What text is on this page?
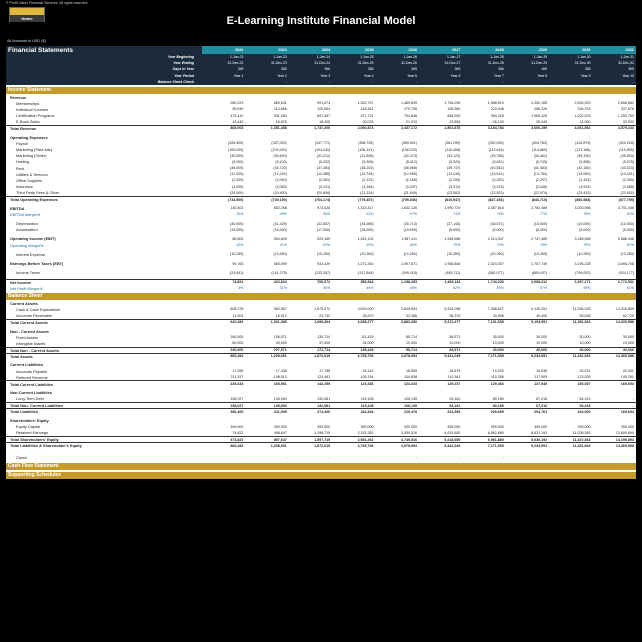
© Profit Vision Financial Services. All rights reserved.
Home	E-Learning Institute Financial Model
All Amounts in USD ($)
Financial Statements	2022	2023	2024	2025	2026	2027	2028	2029	2030	2031
Year Beginning	1-Jan-22	1-Jan-23	1-Jan-24	1-Jan-25	1-Jan-26	1-Jan-27	1-Jan-28	1-Jan-29	1-Jan-30	1-Jan-31
Year Ending	31-Dec-22	31-Dec-23	31-Dec-24	31-Dec-25	31-Dec-26	31-Dec-27	31-Dec-28	31-Dec-29	31-Dec-30	31-Dec-31
Days in Year	365	365	366	365	365	365	366	365	365	365
Year Period	Year 1	Year 2	Year 3	Year 4	Year 5	Year 6	Year 7	Year 8	Year 9	Year 10
Balance Sheet Check	-	-	-	-	-	-	-	-	-	-
Income Statement
Revenue
Memberships	280,223	689,631	991,674	1,252,767	1,489,605	1,736,039	1,988,819	2,252,108	2,533,923	2,856,882
Individual Courses	95,930	113,666	125,654	148,361	170,706	195,380	223,448	256,226	294,376	337,678
Certification Programs	473,410	531,284	597,467	671,721	754,846	846,993	950,418	1,069,425	1,202,203	1,350,753
E-Book Sales	15,440	16,875	18,405	20,025	21,915	23,895	26,100	28,440	31,050	33,930
Total Revenue	865,003	1,351,458	1,737,200	2,092,874	2,437,172	2,801,676	3,184,784	3,606,199	4,061,552	4,579,243
Operating Expenses
Payroll	(326,500)	(337,030)	(347,771)	(358,726)	(369,901)	(381,299)	(392,925)	(404,783)	(416,879)	(429,218)
Marketing (Paid Ads)	(100,000)	(102,000)	(104,040)	(106,121)	(108,243)	(110,408)	(112,616)	(114,869)	(117,166)	(119,509)
Marketing (Other)	(30,000)	(30,600)	(31,212)	(31,836)	(32,473)	(33,122)	(33,785)	(34,461)	(35,150)	(35,853)
Hosting	(5,000)	(5,100)	(5,202)	(5,306)	(5,412)	(5,520)	(5,631)	(5,743)	(5,858)	(5,975)
Rent	(36,000)	(36,720)	(37,454)	(38,203)	(38,968)	(39,747)	(40,542)	(41,353)	(42,180)	(43,023)
Utilities & Telecom	(12,000)	(12,240)	(12,485)	(12,734)	(12,989)	(13,249)	(13,514)	(13,784)	(14,060)	(14,341)
Office Supplies	(2,000)	(2,040)	(2,081)	(2,122)	(2,165)	(2,208)	(2,252)	(2,297)	(2,343)	(2,390)
Insurance	(3,000)	(3,060)	(3,121)	(3,184)	(3,247)	(3,312)	(3,378)	(3,446)	(3,515)	(3,585)
Third Party Fees & Other	(20,000)	(20,400)	(20,808)	(21,224)	(21,649)	(22,082)	(22,523)	(22,974)	(23,433)	(23,902)
Total Operating Expenses	(734,500)	(749,190)	(764,174)	(779,457)	(795,046)	(810,947)	(827,166)	(843,710)	(860,584)	(877,795)
EBITDA	130,503	602,268	973,026	1,313,417	1,642,126	1,990,729	2,357,618	2,762,489	3,200,968	3,701,448
EBITDA Margin%	15%	45%	56%	63%	67%	71%	74%	77%	79%	81%
Depreciation	(30,000)	(31,429)	(32,857)	(34,286)	(35,714)	(37,143)	(38,571)	(10,000)	(10,000)	(10,000)
Amortization	(15,000)	(16,000)	(17,000)	(18,000)	(19,000)	(5,000)	(5,000)	(5,000)	(5,000)	(5,000)
Operating Income (EBIT)	85,503	554,839	923,169	1,261,132	1,587,411	1,948,586	2,314,047	2,747,489	3,185,968	3,686,448
Operating Margin%	10%	41%	53%	60%	65%	70%	73%	76%	78%	81%
Interest Expense	(10,260)	(10,260)	(10,260)	(10,260)	(10,260)	(10,260)	(10,260)	(10,260)	(10,260)	(10,260)
Earnings Before Taxes (EBT)	99,763	565,099	933,429	1,271,392	1,597,671	1,958,846	2,324,307	2,757,749	3,196,228	3,696,708
Income Taxes	(24,941)	(141,275)	(233,357)	(317,848)	(399,418)	(489,711)	(581,077)	(689,437)	(799,057)	(924,177)
Net Income	74,822	423,824	700,072	953,544	1,198,253	1,469,134	1,743,230	2,068,312	2,397,171	2,772,531
Net Profit Margin%	9%	31%	40%	46%	49%	52%	55%	57%	59%	61%
Balance Sheet
Current Assets
Cash & Cash Equivalents	608,378	982,567	1,675,572	2,629,000	3,849,894	5,334,098	7,088,627	9,145,351	11,336,025	14,206,859
Accounts Receivable	11,904	18,513	23,732	28,670	33,386	38,379	43,598	49,400	55,638	62,729
Total Current Assets	620,282	1,001,080	1,699,304	2,658,277	3,883,280	5,372,477	7,131,535	9,194,951	11,391,663	14,329,588
Non - Current Assets
Fixed Assets	180,000	158,571	135,714	111,429	85,714	58,571	30,000	30,000	30,000	30,000
Intangible Assets	60,000	49,000	37,000	24,000	10,000	10,000	10,000	10,000	10,000	10,000
Total Non - Current Assets	240,000	207,571	172,714	135,429	95,714	68,571	40,000	40,000	40,000	40,000
Total Assets	860,282	1,208,651	1,872,019	2,793,706	3,978,994	5,441,049	7,171,535	9,234,951	11,431,663	14,369,588
Current Liabilities
Accounts Payable	17,096	17,438	17,788	18,142	18,505	18,875	19,200	19,636	20,031	20,431
Deferred Revenue	211,337	148,513	124,461	105,194	104,838	110,361	110,266	117,909	123,526	149,261
Total Current Liabilities	228,433	165,951	142,259	123,336	123,343	129,237	129,466	137,545	150,057	169,694
Non-Current Liabilities
Long-Term Debt	158,027	145,054	132,081	119,108	106,135	93,162	80,189	67,216	54,243	-
Total Non- Current Liabilities	158,027	145,054	132,081	119,108	106,135	93,162	80,189	67,216	54,243	-
Total Liabilities	386,460	311,005	274,340	242,444	229,478	222,399	209,655	204,761	204,300	169,694
Shareholders' Equity
Equity Capital	399,000	399,000	399,000	399,000	399,000	399,000	399,000	399,000	399,000	399,000
Retained Earnings	74,822	498,647	1,198,719	2,152,262	3,350,516	4,819,650	6,562,880	8,631,192	11,028,363	13,800,894
Total Shareholders' Equity	473,822	897,647	1,597,719	2,551,262	3,749,516	5,218,650	6,961,880	9,030,192	11,427,363	14,199,894
Total Liabilities & Shareholder's Equity	860,282	1,208,651	1,872,019	2,793,706	3,978,994	5,441,049	7,171,535	9,234,951	11,431,663	14,369,588
Check	-	-	-	-	-	-	-	-	-	-
Cash Flow Statement
Supporting Schedules
